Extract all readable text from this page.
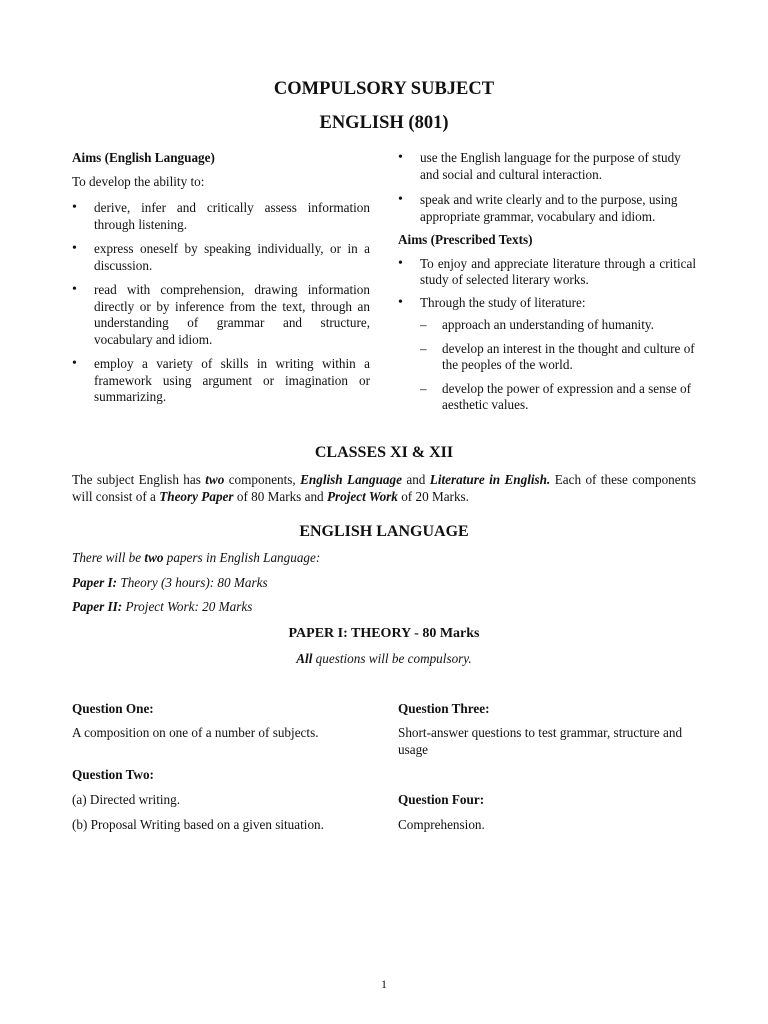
COMPULSORY SUBJECT
ENGLISH (801)
Aims (English Language)
To develop the ability to:
• derive, infer and critically assess information through listening.
• express oneself by speaking individually, or in a discussion.
• read with comprehension, drawing information directly or by inference from the text, through an understanding of grammar and structure, vocabulary and idiom.
• employ a variety of skills in writing within a framework using argument or imagination or summarizing.
• use the English language for the purpose of study and social and cultural interaction.
• speak and write clearly and to the purpose, using appropriate grammar, vocabulary and idiom.
Aims (Prescribed Texts)
• To enjoy and appreciate literature through a critical study of selected literary works.
• Through the study of literature:
– approach an understanding of humanity.
– develop an interest in the thought and culture of the peoples of the world.
– develop the power of expression and a sense of aesthetic values.
CLASSES XI & XII
The subject English has two components, English Language and Literature in English. Each of these components will consist of a Theory Paper of 80 Marks and Project Work of 20 Marks.
ENGLISH LANGUAGE
There will be two papers in English Language:
Paper I: Theory (3 hours): 80 Marks
Paper II: Project Work: 20 Marks
PAPER I: THEORY - 80 Marks
All questions will be compulsory.
Question One:
A composition on one of a number of subjects.
Question Two:
(a) Directed writing.
(b) Proposal Writing based on a given situation.
Question Three:
Short-answer questions to test grammar, structure and usage
Question Four:
Comprehension.
1
